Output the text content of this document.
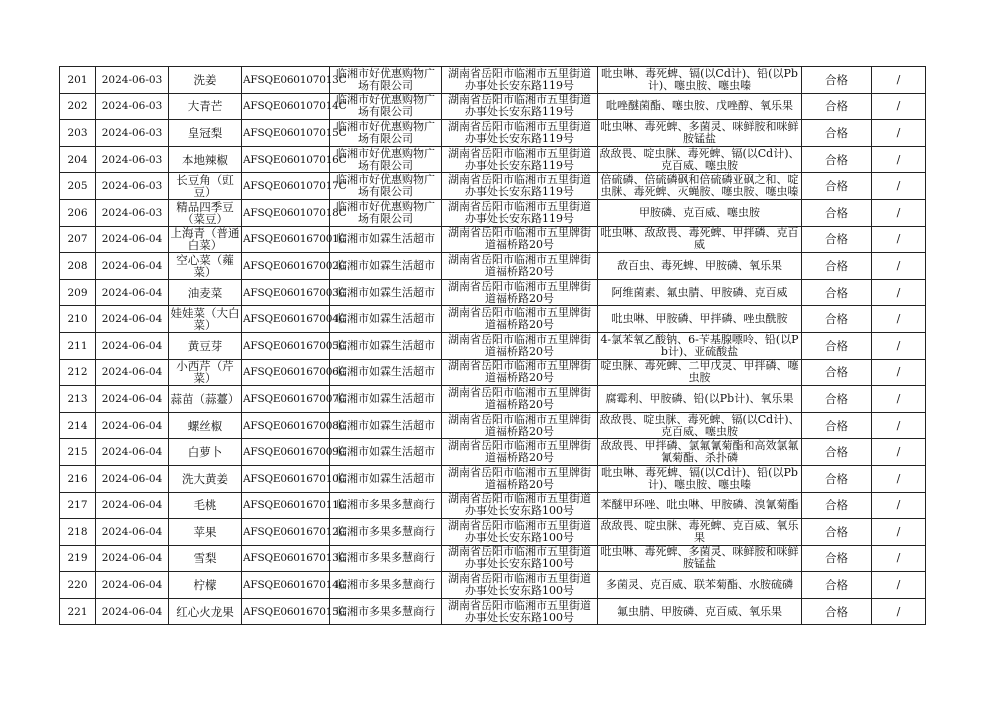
201	2024-06-03	洗姜	AFSQE060107013C	临湘市好优惠购物广场有限公司	湖南省岳阳市临湘市五里街道办事处长安东路119号	吡虫啉、毒死蜱、镉(以Cd计)、铅(以Pb计)、噻虫胺、噻虫嗪	合格	/
202	2024-06-03	大青芒	AFSQE060107014C	临湘市好优惠购物广场有限公司	湖南省岳阳市临湘市五里街道办事处长安东路119号	吡唑醚菌酯、噻虫胺、戊唑醇、氧乐果	合格	/
203	2024-06-03	皇冠梨	AFSQE060107015C	临湘市好优惠购物广场有限公司	湖南省岳阳市临湘市五里街道办事处长安东路119号	吡虫啉、毒死蜱、多菌灵、咪鲜胺和咪鲜胺锰盐	合格	/
204	2024-06-03	本地辣椒	AFSQE060107016C	临湘市好优惠购物广场有限公司	湖南省岳阳市临湘市五里街道办事处长安东路119号	敌敌畏、啶虫脒、毒死蜱、镉(以Cd计)、克百威、噻虫胺	合格	/
205	2024-06-03	长豆角（豇豆）	AFSQE060107017C	临湘市好优惠购物广场有限公司	湖南省岳阳市临湘市五里街道办事处长安东路119号	倍硫磷、倍硫磷砜和倍硫磷亚砜之和、啶虫脒、毒死蜱、灭蝇胺、噻虫胺、噻虫嗪	合格	/
206	2024-06-03	精品四季豆（菜豆）	AFSQE060107018C	临湘市好优惠购物广场有限公司	湖南省岳阳市临湘市五里街道办事处长安东路119号	甲胺磷、克百威、噻虫胺	合格	/
207	2024-06-04	上海青（普通白菜）	AFSQE060167001C	临湘市如霖生活超市	湖南省岳阳市临湘市五里牌街道福桥路20号	吡虫啉、敌敌畏、毒死蜱、甲拌磷、克百威	合格	/
208	2024-06-04	空心菜（蕹菜）	AFSQE060167002C	临湘市如霖生活超市	湖南省岳阳市临湘市五里牌街道福桥路20号	敌百虫、毒死蜱、甲胺磷、氧乐果	合格	/
209	2024-06-04	油麦菜	AFSQE060167003C	临湘市如霖生活超市	湖南省岳阳市临湘市五里牌街道福桥路20号	阿维菌素、氟虫腈、甲胺磷、克百威	合格	/
210	2024-06-04	娃娃菜（大白菜）	AFSQE060167004C	临湘市如霖生活超市	湖南省岳阳市临湘市五里牌街道福桥路20号	吡虫啉、甲胺磷、甲拌磷、唑虫酰胺	合格	/
211	2024-06-04	黄豆芽	AFSQE060167005C	临湘市如霖生活超市	湖南省岳阳市临湘市五里牌街道福桥路20号	4-氯苯氧乙酸钠、6-苄基腺嘌呤、铅(以Pb计)、亚硫酸盐	合格	/
212	2024-06-04	小西芹（芹菜）	AFSQE060167006C	临湘市如霖生活超市	湖南省岳阳市临湘市五里牌街道福桥路20号	啶虫脒、毒死蜱、二甲戊灵、甲拌磷、噻虫胺	合格	/
213	2024-06-04	蒜苗（蒜薹）	AFSQE060167007C	临湘市如霖生活超市	湖南省岳阳市临湘市五里牌街道福桥路20号	腐霉利、甲胺磷、铅(以Pb计)、氧乐果	合格	/
214	2024-06-04	螺丝椒	AFSQE060167008C	临湘市如霖生活超市	湖南省岳阳市临湘市五里牌街道福桥路20号	敌敌畏、啶虫脒、毒死蜱、镉(以Cd计)、克百威、噻虫胺	合格	/
215	2024-06-04	白萝卜	AFSQE060167009C	临湘市如霖生活超市	湖南省岳阳市临湘市五里牌街道福桥路20号	敌敌畏、甲拌磷、氯氟氰菊酯和高效氯氟氰菊酯、杀扑磷	合格	/
216	2024-06-04	洗大黄姜	AFSQE060167010C	临湘市如霖生活超市	湖南省岳阳市临湘市五里牌街道福桥路20号	吡虫啉、毒死蜱、镉(以Cd计)、铅(以Pb计)、噻虫胺、噻虫嗪	合格	/
217	2024-06-04	毛桃	AFSQE060167011C	临湘市多果多慧商行	湖南省岳阳市临湘市五里街道办事处长安东路100号	苯醚甲环唑、吡虫啉、甲胺磷、溴氰菊酯	合格	/
218	2024-06-04	苹果	AFSQE060167012C	临湘市多果多慧商行	湖南省岳阳市临湘市五里街道办事处长安东路100号	敌敌畏、啶虫脒、毒死蜱、克百威、氧乐果	合格	/
219	2024-06-04	雪梨	AFSQE060167013C	临湘市多果多慧商行	湖南省岳阳市临湘市五里街道办事处长安东路100号	吡虫啉、毒死蜱、多菌灵、咪鲜胺和咪鲜胺锰盐	合格	/
220	2024-06-04	柠檬	AFSQE060167014C	临湘市多果多慧商行	湖南省岳阳市临湘市五里街道办事处长安东路100号	多菌灵、克百威、联苯菊酯、水胺硫磷	合格	/
221	2024-06-04	红心火龙果	AFSQE060167015C	临湘市多果多慧商行	湖南省岳阳市临湘市五里街道办事处长安东路100号	氟虫腈、甲胺磷、克百威、氧乐果	合格	/
